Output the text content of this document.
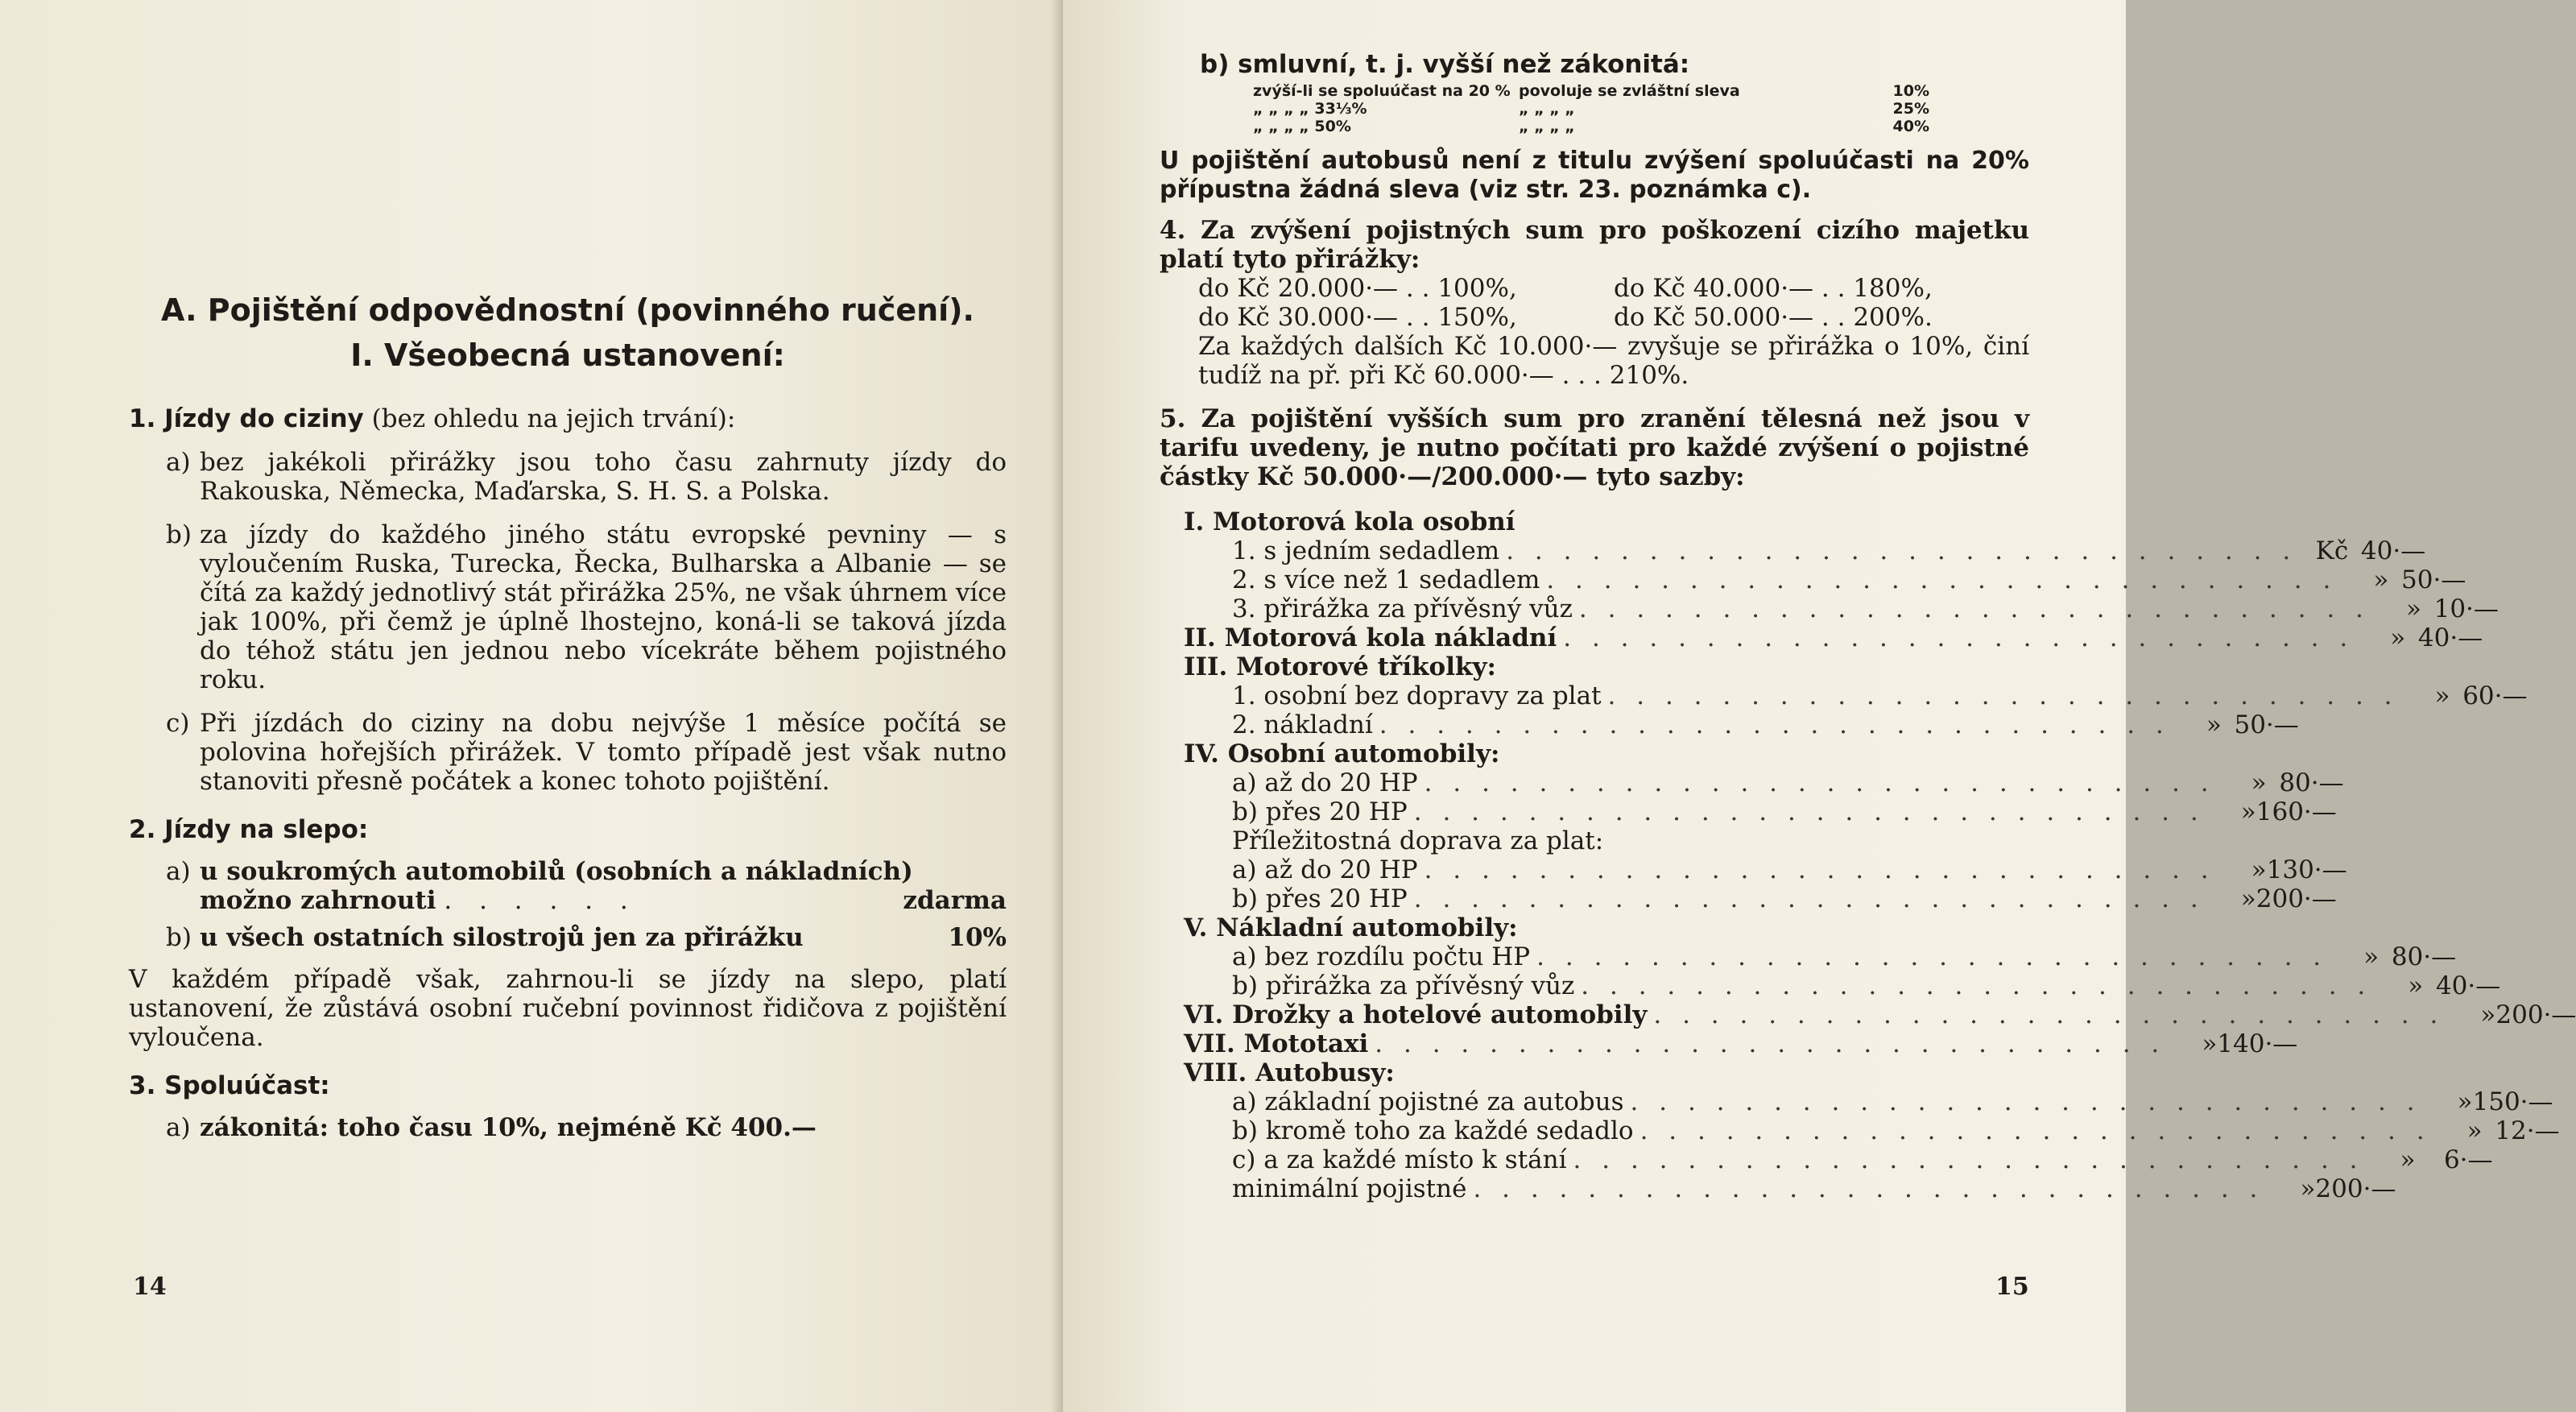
A. Pojištění odpovědnostní (povinného ručení).
I. Všeobecná ustanovení:

1. Jízdy do ciziny (bez ohledu na jejich trvání):

a) bez jakékoli přirážky jsou toho času zahrnuty jízdy do Rakouska, Německa, Maďarska, S. H. S. a Polska.
b) za jízdy do každého jiného státu evropské pevniny — s vyloučením Ruska, Turecka, Řecka, Bulharska a Albanie — se čítá za každý jednotlivý stát přirážka 25%, ne však úhrnem více jak 100%, při čemž je úplně lhostejno, koná-li se taková jízda do téhož státu jen jednou nebo vícekráte během pojistného roku.
c) Při jízdách do ciziny na dobu nejvýše 1 měsíce počítá se polovina hořejších přirážek. V tomto případě jest však nutno stanoviti přesně počátek a konec tohoto pojištění.

2. Jízdy na slepo:

a) u soukromých automobilů (osobních a nákladních) možno zahrnouti . . . . . .	zdarma
b) u všech ostatních silostrojů jen za přirážku	10%

V každém případě však, zahrnou-li se jízdy na slepo, platí ustanovení, že zůstává osobní ručební povinnost řidičova z pojištění vyloučena.

3. Spoluúčast:

a) zákonitá: toho času 10%, nejméně Kč 400.—
14

b) smluvní, t. j. vyšší než zákonitá:

zvýší-li se spoluúčast na 20 % povoluje se zvláštní sleva	10%
„ „ „ „ 33⅓%	„ „ „ „	25%
„ „ „ „ 50%	„ „ „ „	40%

U pojištění autobusů není z titulu zvýšení spoluúčasti na 20% přípustna žádná sleva (viz str. 23. poznámka c).

4. Za zvýšení pojistných sum pro poškození cizího majetku platí tyto přirážky:

do Kč 20.000·— . . 100%,	do Kč 40.000·— . . 180%,
do Kč 30.000·— . . 150%,	do Kč 50.000·— . . 200%.

Za každých dalších Kč 10.000·— zvyšuje se přirážka o 10%, činí tudíž na př. při Kč 60.000·— . . . 210%.

5. Za pojištění vyšších sum pro zranění tělesná než jsou v tarifu uvedeny, je nutno počítati pro každé zvýšení o pojistné částky Kč 50.000·—/200.000·— tyto sazby:

I. Motorová kola osobní
1. s jedním sedadlem . . . . . . . . . . . . . . . . . . . . . . . . . . . . Kč 40·—
2. s více než 1 sedadlem . . . . . . . . . . . . . . . . . . . . . . . . . . . .	» 50·—
3. přirážka za přívěsný vůz . . . . . . . . . . . . . . . . . . . . . . . . . . . .	» 10·—
II. Motorová kola nákladní . . . . . . . . . . . . . . . . . . . . . . . . . . . .	» 40·—
III. Motorové tříkolky:
1. osobní bez dopravy za plat . . . . . . . . . . . . . . . . . . . . . . . . . . . .	» 60·—
2. nákladní . . . . . . . . . . . . . . . . . . . . . . . . . . . .	» 50·—
IV. Osobní automobily:
a) až do 20 HP . . . . . . . . . . . . . . . . . . . . . . . . . . . .	» 80·—
b) přes 20 HP . . . . . . . . . . . . . . . . . . . . . . . . . . . .	» 160·—
Příležitostná doprava za plat:
a) až do 20 HP . . . . . . . . . . . . . . . . . . . . . . . . . . . .	» 130·—
b) přes 20 HP . . . . . . . . . . . . . . . . . . . . . . . . . . . .	» 200·—
V. Nákladní automobily:
a) bez rozdílu počtu HP . . . . . . . . . . . . . . . . . . . . . . . . . . . .	» 80·—
b) přirážka za přívěsný vůz . . . . . . . . . . . . . . . . . . . . . . . . . . . .	» 40·—
VI. Drožky a hotelové automobily . . . . . . . . . . . . . . . . . . . . . . . . . . . .	» 200·—
VII. Mototaxi . . . . . . . . . . . . . . . . . . . . . . . . . . . .	» 140·—
VIII. Autobusy:
a) základní pojistné za autobus . . . . . . . . . . . . . . . . . . . . . . . . . . . .	» 150·—
b) kromě toho za každé sedadlo . . . . . . . . . . . . . . . . . . . . . . . . . . . .	» 12·—
c) a za každé místo k stání . . . . . . . . . . . . . . . . . . . . . . . . . . . .	»	6·—
minimální pojistné . . . . . . . . . . . . . . . . . . . . . . . . . . . .	» 200·—
15
